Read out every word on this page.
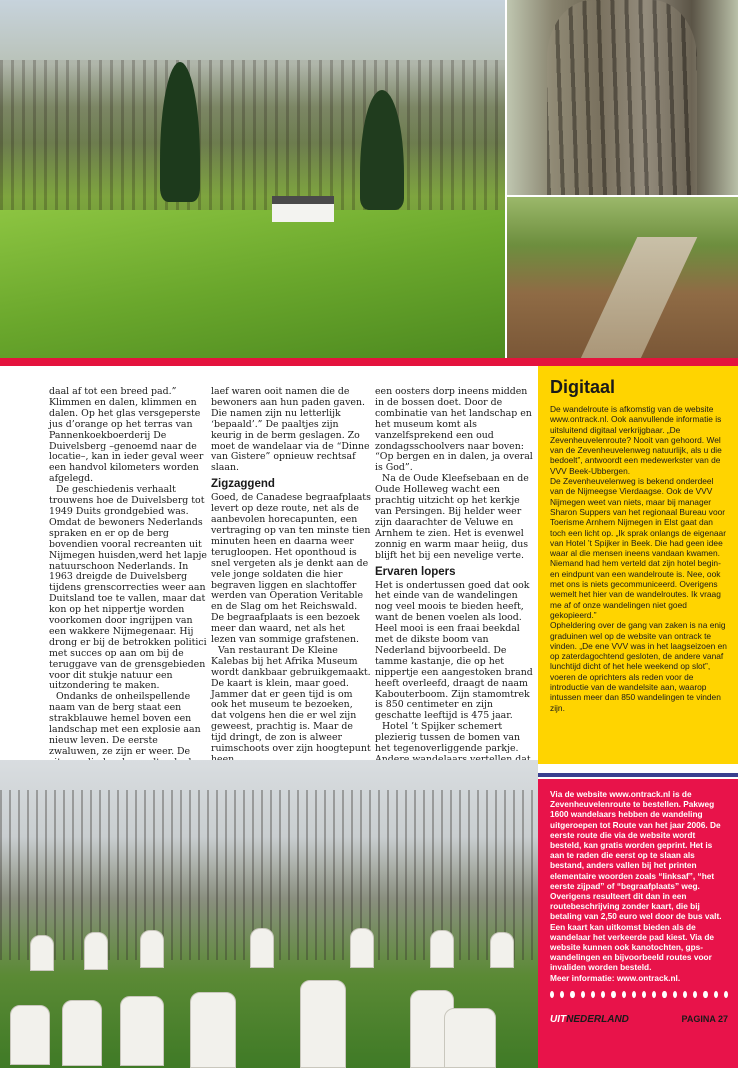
daal af tot een breed pad.” Klimmen en dalen, klimmen en dalen. Op het glas versgeperste jus d’orange op het terras van Pannenkoekboerderij De Duivelsberg –genoemd naar de locatie–, kan in ieder geval weer een handvol kilometers worden afgelegd.

De geschiedenis verhaalt trouwens hoe de Duivelsberg tot 1949 Duits grondgebied was. Omdat de bewoners Nederlands spraken en er op de berg bovendien vooral recreanten uit Nijmegen huisden,werd het lapje natuurschoon Nederlands. In 1963 dreigde de Duivelsberg tijdens grenscorrecties weer aan Duitsland toe te vallen, maar dat kon op het nippertje worden voorkomen door ingrijpen van een wakkere Nijmegenaar. Hij drong er bij de betrokken politici met succes op aan om bij de teruggave van de grensgebieden voor dit stukje natuur een uitzondering te maken.

Ondanks de onheilspellende naam van de berg staat een strakblauwe hemel boven een landschap met een explosie aan nieuw leven. De eerste zwaluwen, ze zijn er weer. De

laef waren ooit namen die de bewoners aan hun paden gaven. Die namen zijn nu letterlijk ‘bepaald’.” De paaltjes zijn keurig in de berm geslagen. Zo moet de wandelaar via de “Dinne van Gistere” opnieuw rechtsaf slaan.

Zigzaggend

Goed, de Canadese begraafplaats levert op deze route, net als de aanbevolen horecapunten, een vertraging op van ten minste tien minuten heen en daarna weer terugloopen. Het oponthoud is snel vergeten als je denkt aan de vele jonge soldaten die hier begraven liggen en slachtoffer werden van Operation Veritable en de Slag om het Reichswald. De begraafplaats is een bezoek meer dan waard, net als het lezen van sommige grafstenen.

Van restaurant De Kleine Kalebas bij het Afrika Museum wordt dankbaar gebruikgemaakt. De kaart is klein, maar goed. Jammer dat er geen tijd is om ook het museum te bezoeken, dat volgens hen die er wel zijn geweest, prachtig is. Maar de tijd dringt, de zon is alweer ruimschoots over zijn hoogtepunt

een oosters dorp ineens midden in de bossen doet. Door de combinatie van het landschap en het museum komt als vanzelfsprekend een oud zondagsschoolvers naar boven: “Op bergen en in dalen, ja overal is God”.

Na de Oude Kleefsebaan en de Oude Holleweg wacht een prachtig uitzicht op het kerkje van Persingen. Bij helder weer zijn daarachter de Veluwe en Arnhem te zien. Het is evenwel zonnig en warm maar heiig, dus blijft het bij een nevelige verte.

Ervaren lopers

Het is ondertussen goed dat ook het einde van de wandelingen nog veel moois te bieden heeft, want de benen voelen als lood. Heel mooi is een fraai beekdal met de dikste boom van Nederland bijvoorbeeld. De tamme kastanje, die op het nippertje een aangestoken brand heeft overleefd, draagt de naam Kabouterboom. Zijn stamomtrek is 850 centimeter en zijn geschatte leeftijd is 475 jaar.

Hotel ’t Spijker schemert plezierig tussen de bomen van het tegenoverliggende parkje.

Digitaal

De wandelroute is afkomstig van de website www.ontrack.nl. Ook aanvullende informatie is uitsluitend digitaal verkrijgbaar. „De Zevenheuvelenroute? Nooit van gehoord. Wel van de Zevenheuvelenweg natuurlijk, als u die bedoelt”, antwoordt een medewerkster van de VVV Beek-Ubbergen.

De Zevenheuvelenweg is bekend onderdeel van de Nijmeegse Vierdaagse. Ook de VVV Nijmegen weet van niets, maar bij manager Sharon Suppers van het regionaal Bureau voor Toerisme Arnhem Nijmegen in Elst gaat dan toch een licht op. „Ik sprak onlangs de eigenaar van Hotel ’t Spijker in Beek. Die had geen idee waar al die mensen ineens vandaan kwamen. Niemand had hem verteld dat zijn hotel begin- en eindpunt van een wandelroute is. Nee, ook met ons is niets gecommuniceerd. Overigens wemelt het hier van de wandelroutes. Ik vraag me af of onze wandelingen niet goed gekopieerd.”

Opheldering over de gang van zaken is na enig graduinen wel op de website van ontrack te vinden. „De ene VVV was in het laagseizoen en op zaterdagochtend gesloten, de andere vanaf lunchtijd dicht of het hele weekend op slot”, voeren de oprichters als reden voor de introductie van de wandelsite aan, waarop intussen meer dan 850 wandelingen te vinden zijn.

Via de website www.ontrack.nl is de Zevenheuvelenroute te bestellen. Pakweg 1600 wandelaars hebben de wandeling uitgeroepen tot Route van het jaar 2006. De eerste route die via de website wordt besteld, kan gratis worden geprint. Het is aan te raden die eerst op te slaan als bestand, anders vallen bij het printen elementaire woorden zoals “linksaf”, “het eerste zijpad” of “begraafplaats” weg. Overigens resulteert dit dan in een routebeschrijving zonder kaart, die bij betaling van 2,50 euro wel door de bus valt. Een kaart kan uitkomst bieden als de wandelaar het verkeerde pad kiest. Via de website kunnen ook kanotochten, gps-wandelingen en bijvoorbeeld routes voor invaliden worden besteld.

Meer informatie: www.ontrack.nl.

UITNEDERLAND	PAGINA 27
